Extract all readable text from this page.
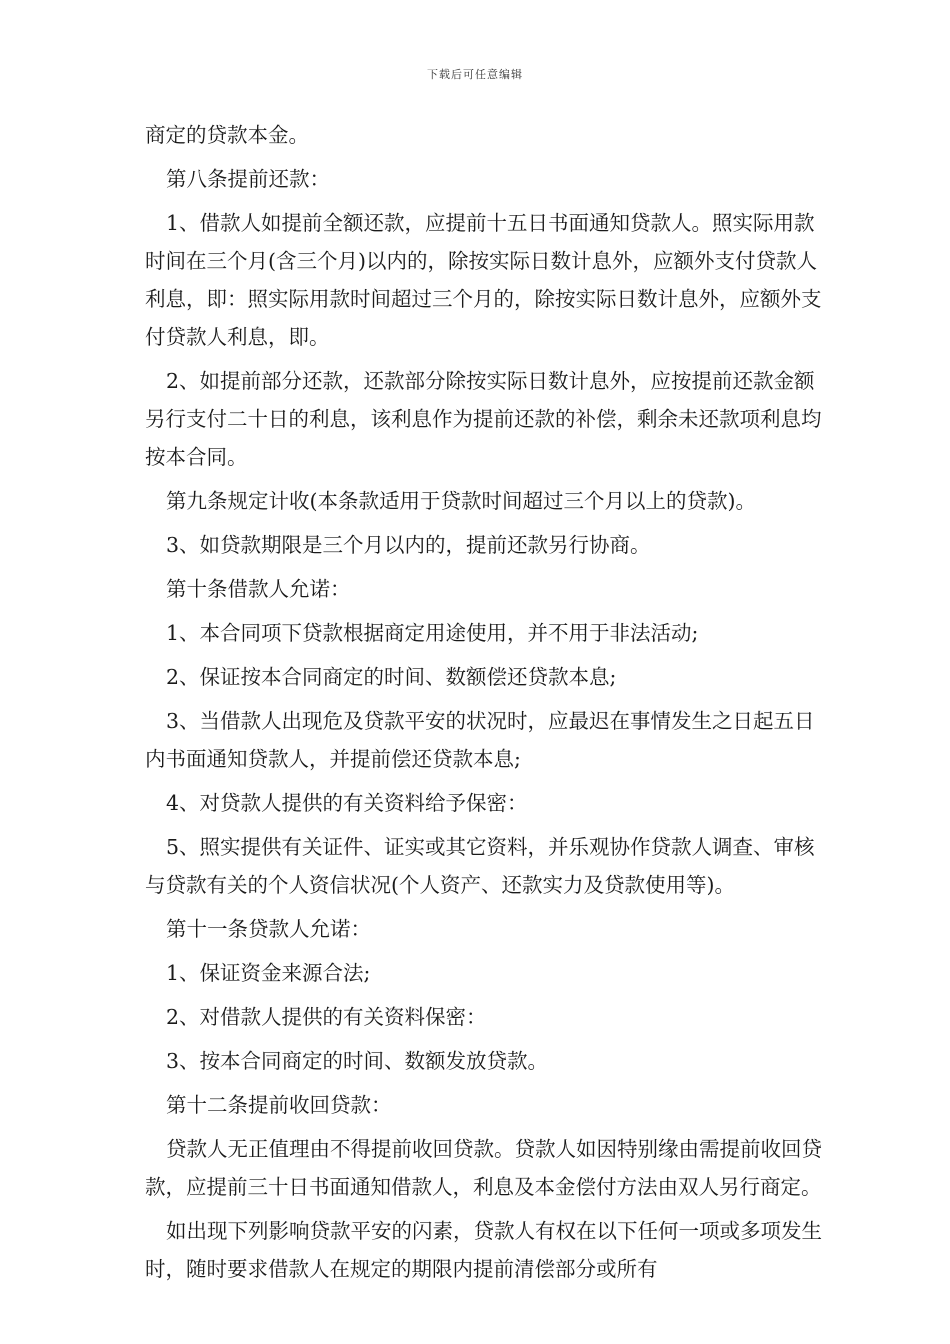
下载后可任意编辑

商定的贷款本金。

第八条提前还款：

1、借款人如提前全额还款，应提前十五日书面通知贷款人。照实际用款时间在三个月(含三个月)以内的，除按实际日数计息外，应额外支付贷款人利息，即：照实际用款时间超过三个月的，除按实际日数计息外，应额外支付贷款人利息，即。

2、如提前部分还款，还款部分除按实际日数计息外，应按提前还款金额另行支付二十日的利息，该利息作为提前还款的补偿，剩余未还款项利息均按本合同。

第九条规定计收(本条款适用于贷款时间超过三个月以上的贷款)。

3、如贷款期限是三个月以内的，提前还款另行协商。

第十条借款人允诺：

1、本合同项下贷款根据商定用途使用，并不用于非法活动;

2、保证按本合同商定的时间、数额偿还贷款本息;

3、当借款人出现危及贷款平安的状况时，应最迟在事情发生之日起五日内书面通知贷款人，并提前偿还贷款本息;

4、对贷款人提供的有关资料给予保密：

5、照实提供有关证件、证实或其它资料，并乐观协作贷款人调查、审核与贷款有关的个人资信状况(个人资产、还款实力及贷款使用等)。

第十一条贷款人允诺：

1、保证资金来源合法;

2、对借款人提供的有关资料保密：

3、按本合同商定的时间、数额发放贷款。

第十二条提前收回贷款：

贷款人无正值理由不得提前收回贷款。贷款人如因特别缘由需提前收回贷款，应提前三十日书面通知借款人，利息及本金偿付方法由双人另行商定。

如出现下列影响贷款平安的闪素，贷款人有权在以下任何一项或多项发生时，随时要求借款人在规定的期限内提前清偿部分或所有
